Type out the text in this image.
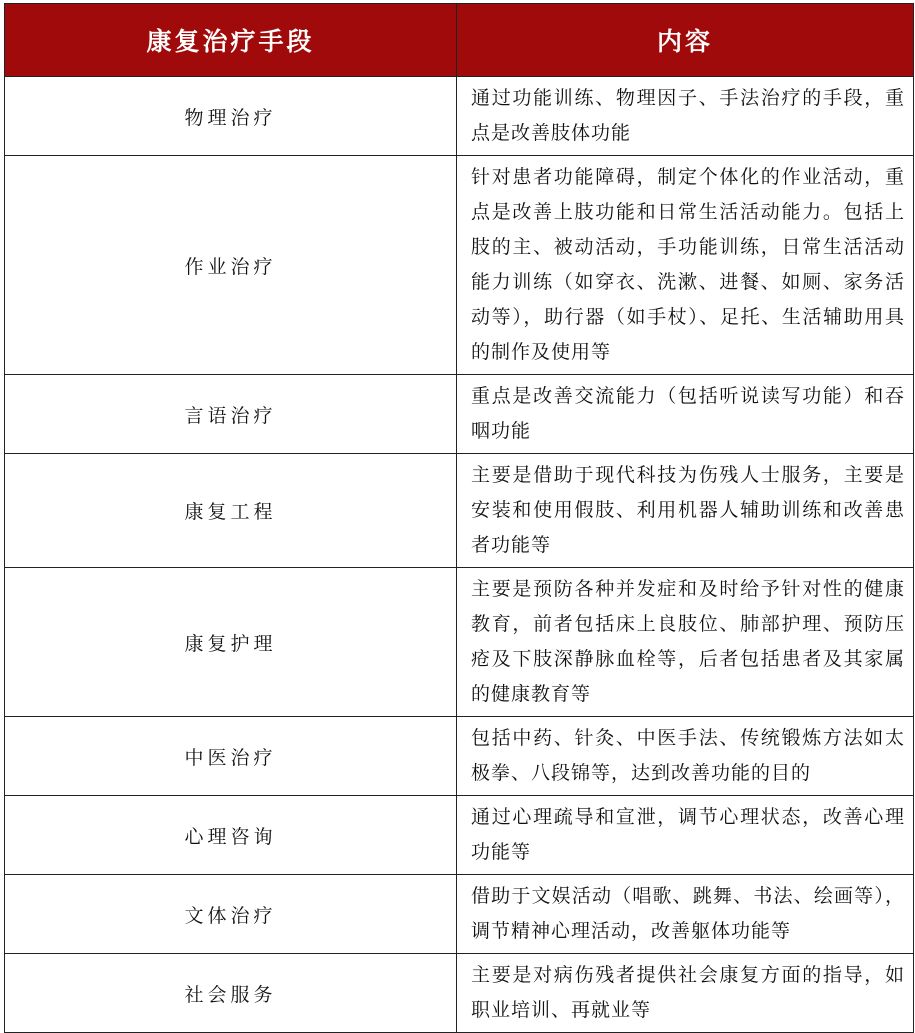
康复治疗手段	内容
物理治疗	通过功能训练、物理因子、手法治疗的手段，重点是改善肢体功能
作业治疗	针对患者功能障碍，制定个体化的作业活动，重点是改善上肢功能和日常生活活动能力。包括上肢的主、被动活动，手功能训练，日常生活活动能力训练（如穿衣、洗漱、进餐、如厕、家务活动等），助行器（如手杖）、足托、生活辅助用具的制作及使用等
言语治疗	重点是改善交流能力（包括听说读写功能）和吞咽功能
康复工程	主要是借助于现代科技为伤残人士服务，主要是安装和使用假肢、利用机器人辅助训练和改善患者功能等
康复护理	主要是预防各种并发症和及时给予针对性的健康教育，前者包括床上良肢位、肺部护理、预防压疮及下肢深静脉血栓等，后者包括患者及其家属的健康教育等
中医治疗	包括中药、针灸、中医手法、传统锻炼方法如太极拳、八段锦等，达到改善功能的目的
心理咨询	通过心理疏导和宣泄，调节心理状态，改善心理功能等
文体治疗	借助于文娱活动（唱歌、跳舞、书法、绘画等），调节精神心理活动，改善躯体功能等
社会服务	主要是对病伤残者提供社会康复方面的指导，如职业培训、再就业等
